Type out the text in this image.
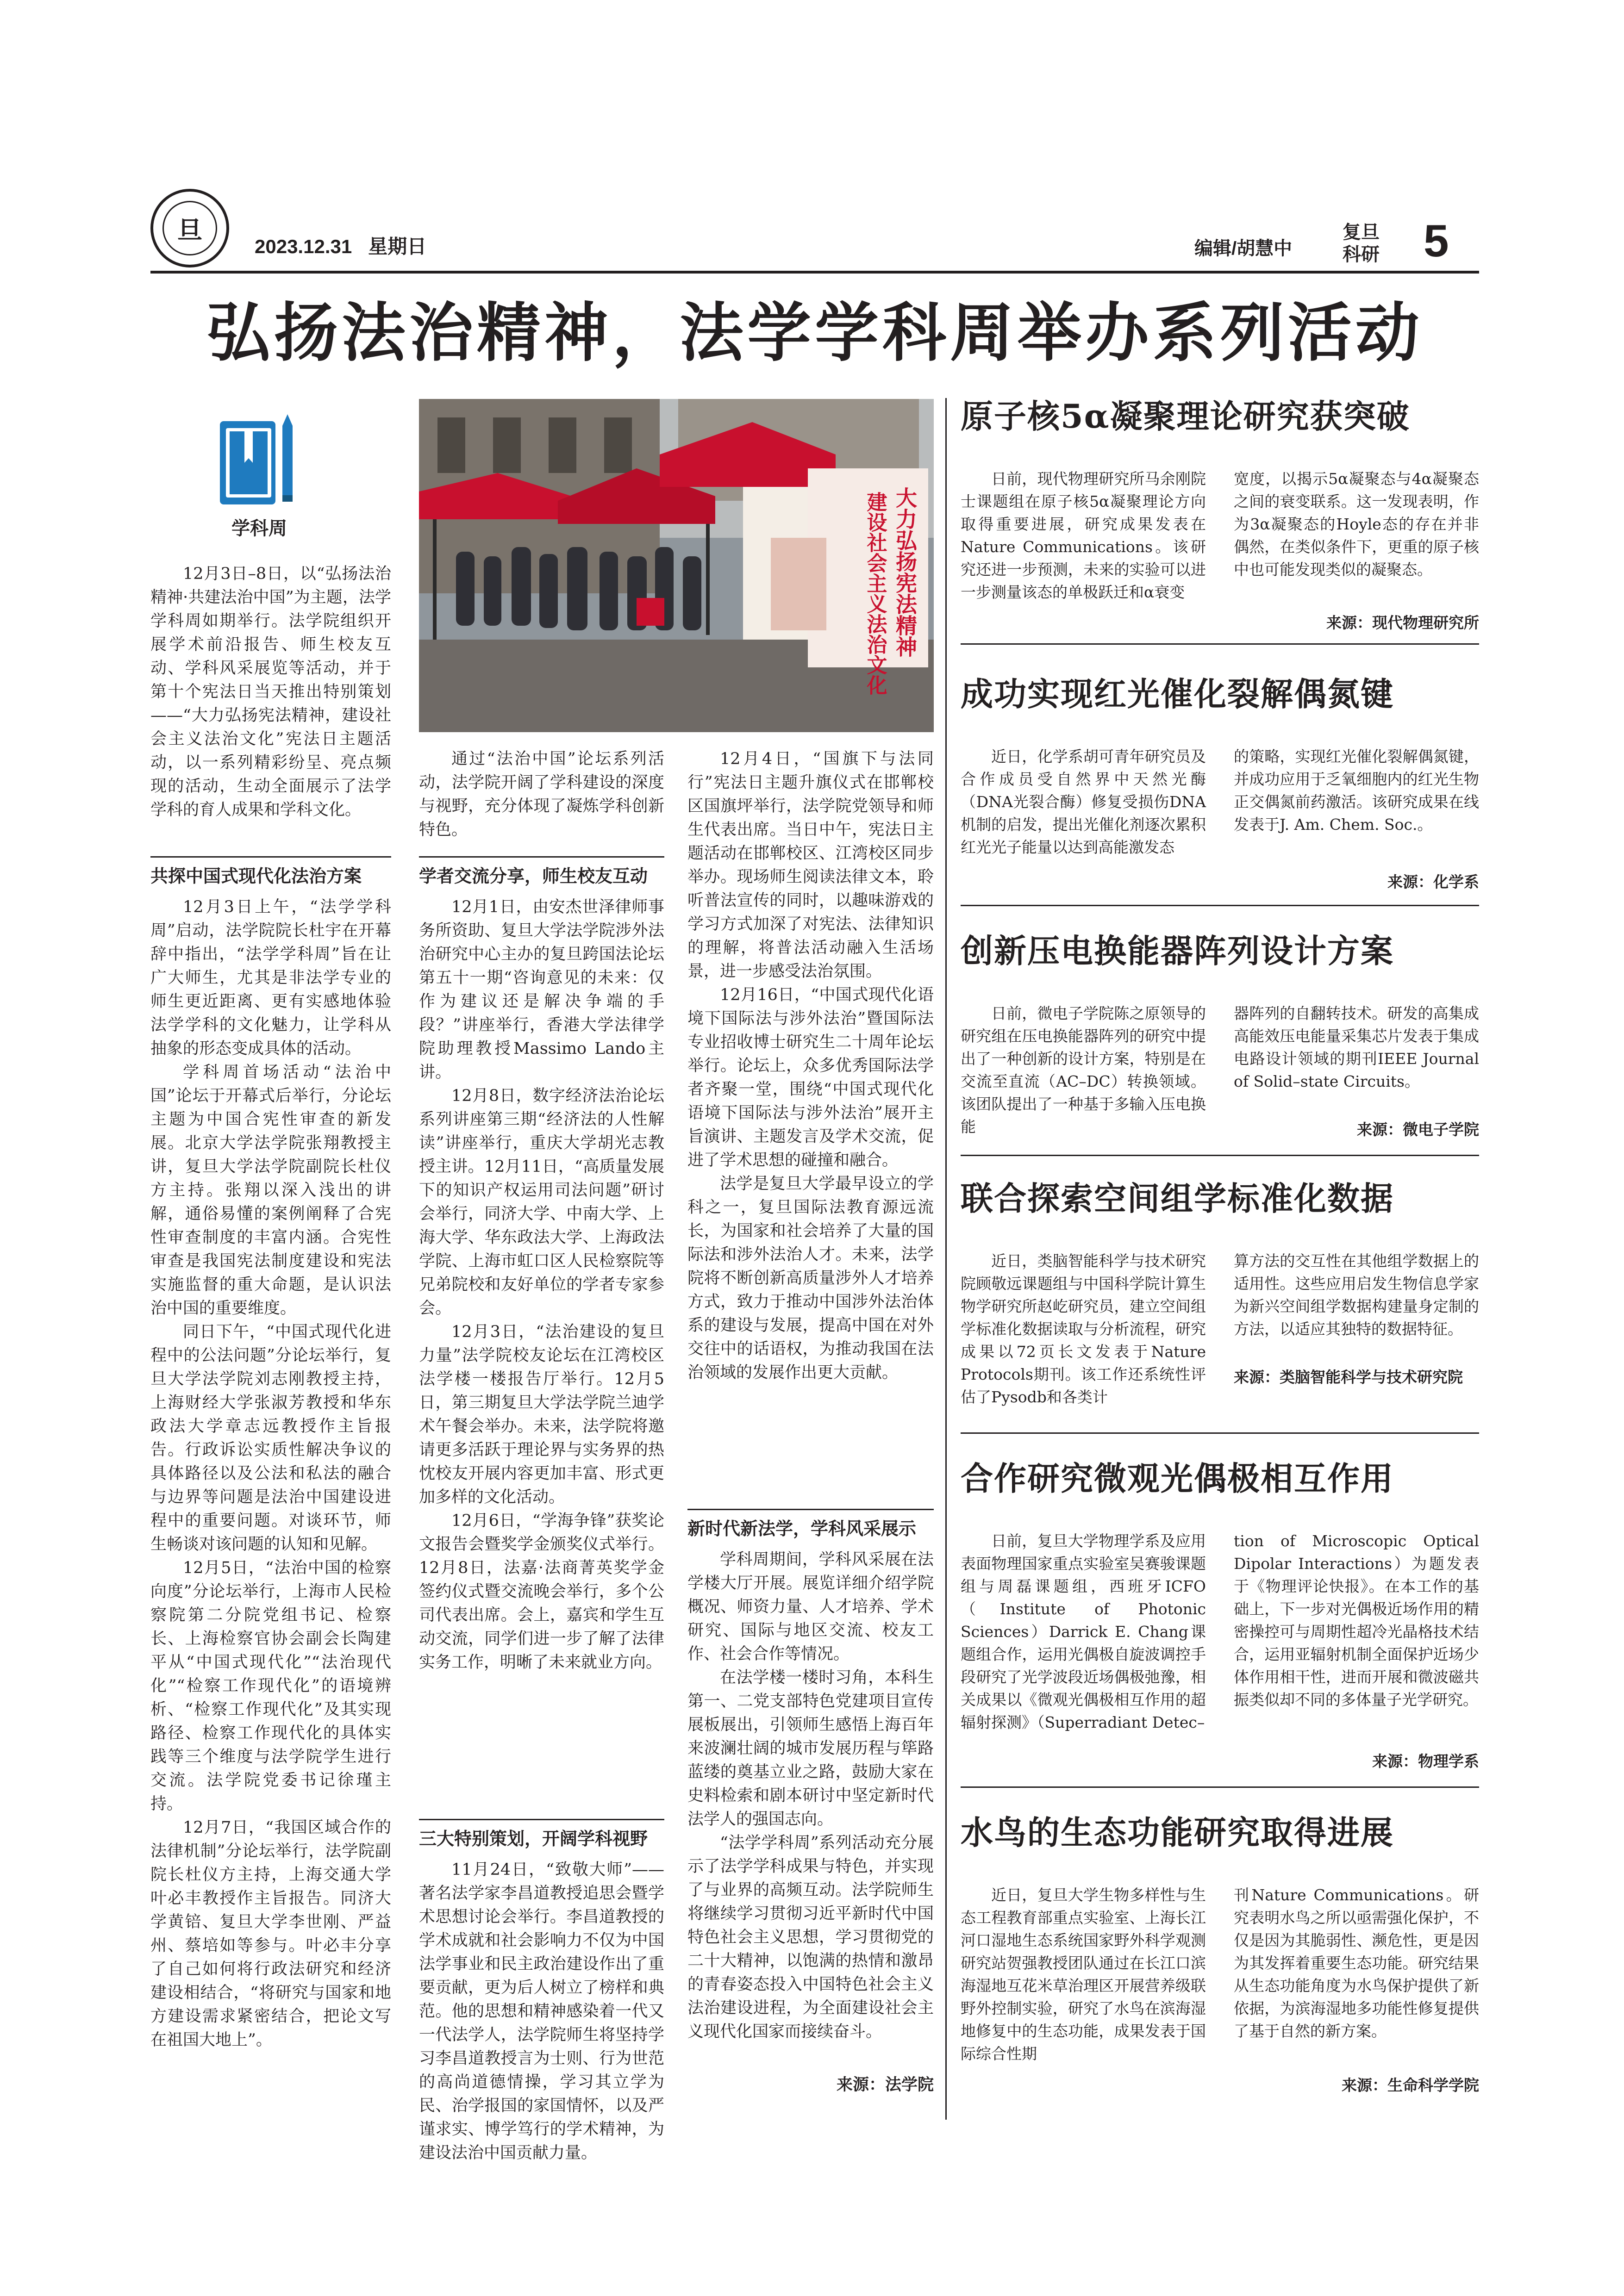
旦
2023.12.31 星期日	编辑/胡慧中
复旦
科研 5
弘扬法治精神，法学学科周举办系列活动
学科周	大力弘扬宪法精神
建设社会主义法治文化

12月3日–8日，以“弘扬法治精神·共建法治中国”为主题，法学学科周如期举行。法学院组织开展学术前沿报告、师生校友互动、学科风采展览等活动，并于第十个宪法日当天推出特别策划——“大力弘扬宪法精神，建设社会主义法治文化”宪法日主题活动，以一系列精彩纷呈、亮点频现的活动，生动全面展示了法学学科的育人成果和学科文化。

共探中国式现代化法治方案

12月3日上午，“法学学科周”启动，法学院院长杜宇在开幕辞中指出，“法学学科周”旨在让广大师生，尤其是非法学专业的师生更近距离、更有实感地体验法学学科的文化魅力，让学科从抽象的形态变成具体的活动。

学科周首场活动“法治中国”论坛于开幕式后举行，分论坛主题为中国合宪性审查的新发展。北京大学法学院张翔教授主讲，复旦大学法学院副院长杜仪方主持。张翔以深入浅出的讲解，通俗易懂的案例阐释了合宪性审查制度的丰富内涵。合宪性审查是我国宪法制度建设和宪法实施监督的重大命题，是认识法治中国的重要维度。

同日下午，“中国式现代化进程中的公法问题”分论坛举行，复旦大学法学院刘志刚教授主持，上海财经大学张淑芳教授和华东政法大学章志远教授作主旨报告。行政诉讼实质性解决争议的具体路径以及公法和私法的融合与边界等问题是法治中国建设进程中的重要问题。对谈环节，师生畅谈对该问题的认知和见解。

12月5日，“法治中国的检察向度”分论坛举行，上海市人民检察院第二分院党组书记、检察长、上海检察官协会副会长陶建平从“中国式现代化”“法治现代化”“检察工作现代化”的语境辨析、“检察工作现代化”及其实现路径、检察工作现代化的具体实践等三个维度与法学院学生进行交流。法学院党委书记徐瑾主持。

12月7日，“我国区域合作的法律机制”分论坛举行，法学院副院长杜仪方主持，上海交通大学叶必丰教授作主旨报告。同济大学黄锫、复旦大学李世刚、严益州、蔡培如等参与。叶必丰分享了自己如何将行政法研究和经济建设相结合，“将研究与国家和地方建设需求紧密结合，把论文写在祖国大地上”。

通过“法治中国”论坛系列活动，法学院开阔了学科建设的深度与视野，充分体现了凝炼学科创新特色。

学者交流分享，师生校友互动

12月1日，由安杰世泽律师事务所资助、复旦大学法学院涉外法治研究中心主办的复旦跨国法论坛第五十一期“咨询意见的未来：仅作为建议还是解决争端的手段？”讲座举行，香港大学法律学院助理教授Massimo Lando主讲。

12月8日，数字经济法治论坛系列讲座第三期“经济法的人性解读”讲座举行，重庆大学胡光志教授主讲。12月11日，“高质量发展下的知识产权运用司法问题”研讨会举行，同济大学、中南大学、上海大学、华东政法大学、上海政法学院、上海市虹口区人民检察院等兄弟院校和友好单位的学者专家参会。

12月3日，“法治建设的复旦力量”法学院校友论坛在江湾校区法学楼一楼报告厅举行。12月5日，第三期复旦大学法学院兰迪学术午餐会举办。未来，法学院将邀请更多活跃于理论界与实务界的热忱校友开展内容更加丰富、形式更加多样的文化活动。

12月6日，“学海争锋”获奖论文报告会暨奖学金颁奖仪式举行。12月8日，法嘉·法商菁英奖学金签约仪式暨交流晚会举行，多个公司代表出席。会上，嘉宾和学生互动交流，同学们进一步了解了法律实务工作，明晰了未来就业方向。

三大特别策划，开阔学科视野

11月24日，“致敬大师”——著名法学家李昌道教授追思会暨学术思想讨论会举行。李昌道教授的学术成就和社会影响力不仅为中国法学事业和民主政治建设作出了重要贡献，更为后人树立了榜样和典范。他的思想和精神感染着一代又一代法学人，法学院师生将坚持学习李昌道教授言为士则、行为世范的高尚道德情操，学习其立学为民、治学报国的家国情怀，以及严谨求实、博学笃行的学术精神，为建设法治中国贡献力量。

12月4日，“国旗下与法同行”宪法日主题升旗仪式在邯郸校区国旗坪举行，法学院党领导和师生代表出席。当日中午，宪法日主题活动在邯郸校区、江湾校区同步举办。现场师生阅读法律文本，聆听普法宣传的同时，以趣味游戏的学习方式加深了对宪法、法律知识的理解，将普法活动融入生活场景，进一步感受法治氛围。

12月16日，“中国式现代化语境下国际法与涉外法治”暨国际法专业招收博士研究生二十周年论坛举行。论坛上，众多优秀国际法学者齐聚一堂，围绕“中国式现代化语境下国际法与涉外法治”展开主旨演讲、主题发言及学术交流，促进了学术思想的碰撞和融合。

法学是复旦大学最早设立的学科之一，复旦国际法教育源远流长，为国家和社会培养了大量的国际法和涉外法治人才。未来，法学院将不断创新高质量涉外人才培养方式，致力于推动中国涉外法治体系的建设与发展，提高中国在对外交往中的话语权，为推动我国在法治领域的发展作出更大贡献。

新时代新法学，学科风采展示

学科周期间，学科风采展在法学楼大厅开展。展览详细介绍学院概况、师资力量、人才培养、学术研究、国际与地区交流、校友工作、社会合作等情况。

在法学楼一楼时习角，本科生第一、二党支部特色党建项目宣传展板展出，引领师生感悟上海百年来波澜壮阔的城市发展历程与筚路蓝缕的奠基立业之路，鼓励大家在史料检索和剧本研讨中坚定新时代法学人的强国志向。

“法学学科周”系列活动充分展示了法学学科成果与特色，并实现了与业界的高频互动。法学院师生将继续学习贯彻习近平新时代中国特色社会主义思想，学习贯彻党的二十大精神，以饱满的热情和激昂的青春姿态投入中国特色社会主义法治建设进程，为全面建设社会主义现代化国家而接续奋斗。

来源：法学院
原子核5α凝聚理论研究获突破

日前，现代物理研究所马余刚院士课题组在原子核5α凝聚理论方向取得重要进展，研究成果发表在Nature Communications。该研究还进一步预测，未来的实验可以进一步测量该态的单极跃迁和α衰变

宽度，以揭示5α凝聚态与4α凝聚态之间的衰变联系。这一发现表明，作为3α凝聚态的Hoyle态的存在并非偶然，在类似条件下，更重的原子核中也可能发现类似的凝聚态。

来源：现代物理研究所
成功实现红光催化裂解偶氮键

近日，化学系胡可青年研究员及合作成员受自然界中天然光酶（DNA光裂合酶）修复受损伤DNA机制的启发，提出光催化剂逐次累积红光光子能量以达到高能激发态

的策略，实现红光催化裂解偶氮键，并成功应用于乏氧细胞内的红光生物正交偶氮前药激活。该研究成果在线发表于J. Am. Chem. Soc.。

来源：化学系
创新压电换能器阵列设计方案

日前，微电子学院陈之原领导的研究组在压电换能器阵列的研究中提出了一种创新的设计方案，特别是在交流至直流（AC–DC）转换领域。该团队提出了一种基于多输入压电换能

器阵列的自翻转技术。研发的高集成高能效压电能量采集芯片发表于集成电路设计领域的期刊IEEE Journal of Solid–state Circuits。

来源：微电子学院
联合探索空间组学标准化数据

近日，类脑智能科学与技术研究院顾敬远课题组与中国科学院计算生物学研究所赵屹研究员，建立空间组学标准化数据读取与分析流程，研究成果以72页长文发表于Nature Protocols期刊。该工作还系统性评估了Pysodb和各类计

算方法的交互性在其他组学数据上的适用性。这些应用启发生物信息学家为新兴空间组学数据构建量身定制的方法，以适应其独特的数据特征。

来源：类脑智能科学与技术研究院
合作研究微观光偶极相互作用

日前，复旦大学物理学系及应用表面物理国家重点实验室吴赛骏课题组与周磊课题组，西班牙ICFO（Institute of Photonic Sciences）Darrick E. Chang课题组合作，运用光偶极自旋波调控手段研究了光学波段近场偶极弛豫，相关成果以《微观光偶极相互作用的超辐射探测》（Superradiant Detec–

tion of Microscopic Optical Dipolar Interactions）为题发表于《物理评论快报》。在本工作的基础上，下一步对光偶极近场作用的精密操控可与周期性超冷光晶格技术结合，运用亚辐射机制全面保护近场少体作用相干性，进而开展和微波磁共振类似却不同的多体量子光学研究。

来源：物理学系
水鸟的生态功能研究取得进展

近日，复旦大学生物多样性与生态工程教育部重点实验室、上海长江河口湿地生态系统国家野外科学观测研究站贺强教授团队通过在长江口滨海湿地互花米草治理区开展营养级联野外控制实验，研究了水鸟在滨海湿地修复中的生态功能，成果发表于国际综合性期

刊Nature Communications。研究表明水鸟之所以亟需强化保护，不仅是因为其脆弱性、濒危性，更是因为其发挥着重要生态功能。研究结果从生态功能角度为水鸟保护提供了新依据，为滨海湿地多功能性修复提供了基于自然的新方案。

来源：生命科学学院
